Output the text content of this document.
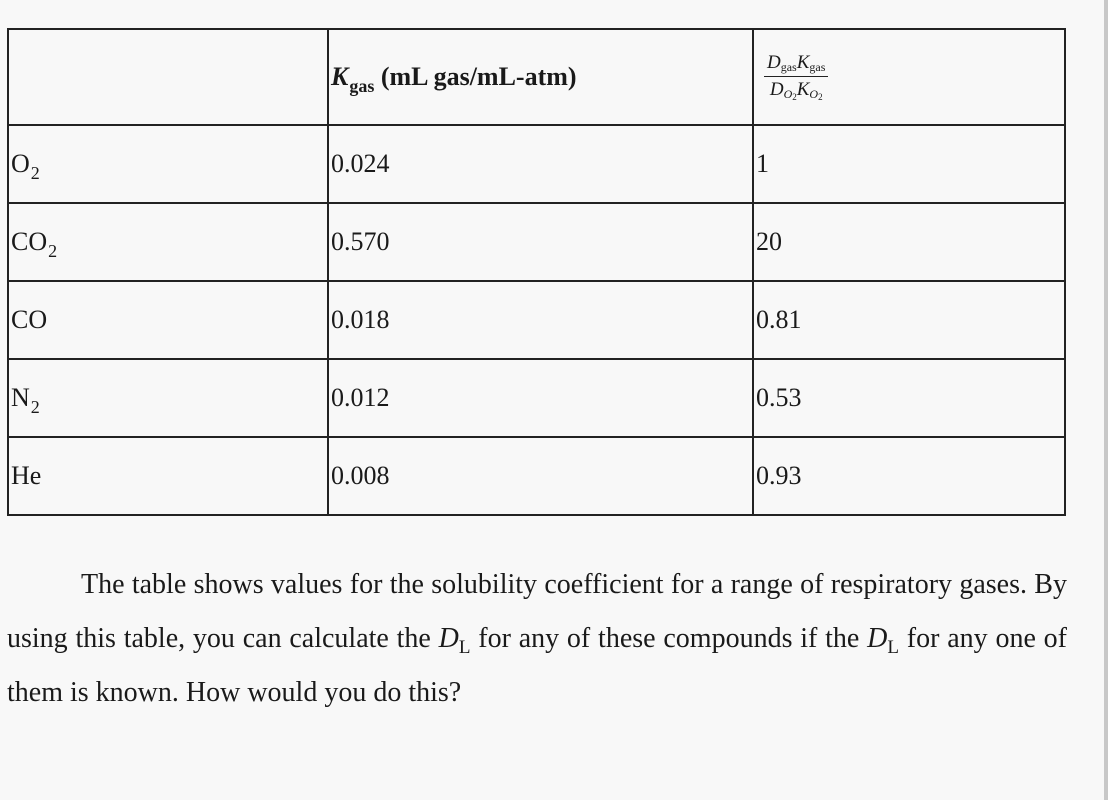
	$K_{gas}$ (mL gas/mL-atm)	$\frac{D_{gas}K_{gas}}{D_{O_2}K_{O_2}}$

$O_2$	0.024	1
$CO_2$	0.570	20
CO	0.018	0.81
$N_2$	0.012	0.53
He	0.008	0.93

The table shows values for the solubility coefficient for a range of respiratory gases. By using this table, you can calculate the $D_L$ for any of these compounds if the $D_L$ for any one of them is known. How would you do this?
